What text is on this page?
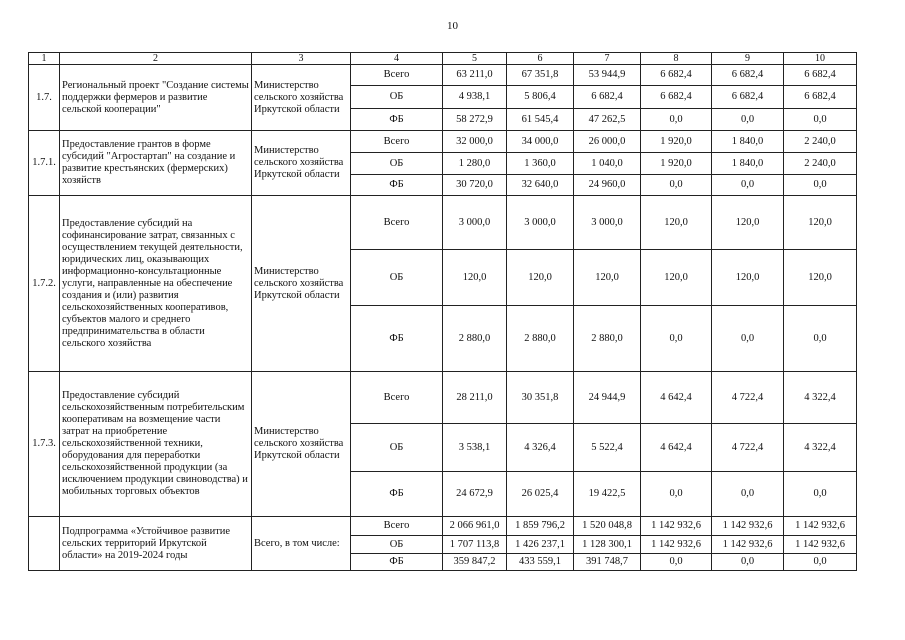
10
1	2	3	4	5	6	7	8	9	10
1.7.	Региональный проект "Создание системы поддержки фермеров и развитие сельской кооперации"	Министерство сельского хозяйства Иркутской области	Всего	63 211,0	67 351,8	53 944,9	6 682,4	6 682,4	6 682,4
			ОБ	4 938,1	5 806,4	6 682,4	6 682,4	6 682,4	6 682,4
			ФБ	58 272,9	61 545,4	47 262,5	0,0	0,0	0,0
1.7.1.	Предоставление грантов в форме субсидий "Агростартап" на создание и развитие крестьянских (фермерских) хозяйств	Министерство сельского хозяйства Иркутской области	Всего	32 000,0	34 000,0	26 000,0	1 920,0	1 840,0	2 240,0
			ОБ	1 280,0	1 360,0	1 040,0	1 920,0	1 840,0	2 240,0
			ФБ	30 720,0	32 640,0	24 960,0	0,0	0,0	0,0
1.7.2.	Предоставление субсидий на софинансирование затрат, связанных с осуществлением текущей деятельности, юридических лиц, оказывающих информационно-консультационные услуги, направленные на обеспечение создания и (или) развития сельскохозяйственных кооперативов, субъектов малого и среднего предпринимательства в области сельского хозяйства	Министерство сельского хозяйства Иркутской области	Всего	3 000,0	3 000,0	3 000,0	120,0	120,0	120,0
			ОБ	120,0	120,0	120,0	120,0	120,0	120,0
			ФБ	2 880,0	2 880,0	2 880,0	0,0	0,0	0,0
1.7.3.	Предоставление субсидий сельскохозяйственным потребительским кооперативам на возмещение части затрат на приобретение сельскохозяйственной техники, оборудования для переработки сельскохозяйственной продукции (за исключением продукции свиноводства) и мобильных торговых объектов	Министерство сельского хозяйства Иркутской области	Всего	28 211,0	30 351,8	24 944,9	4 642,4	4 722,4	4 322,4
			ОБ	3 538,1	4 326,4	5 522,4	4 642,4	4 722,4	4 322,4
			ФБ	24 672,9	26 025,4	19 422,5	0,0	0,0	0,0
	Подпрограмма «Устойчивое развитие сельских территорий Иркутской области» на 2019-2024 годы	Всего, в том числе:	Всего	2 066 961,0	1 859 796,2	1 520 048,8	1 142 932,6	1 142 932,6	1 142 932,6
			ОБ	1 707 113,8	1 426 237,1	1 128 300,1	1 142 932,6	1 142 932,6	1 142 932,6
			ФБ	359 847,2	433 559,1	391 748,7	0,0	0,0	0,0
